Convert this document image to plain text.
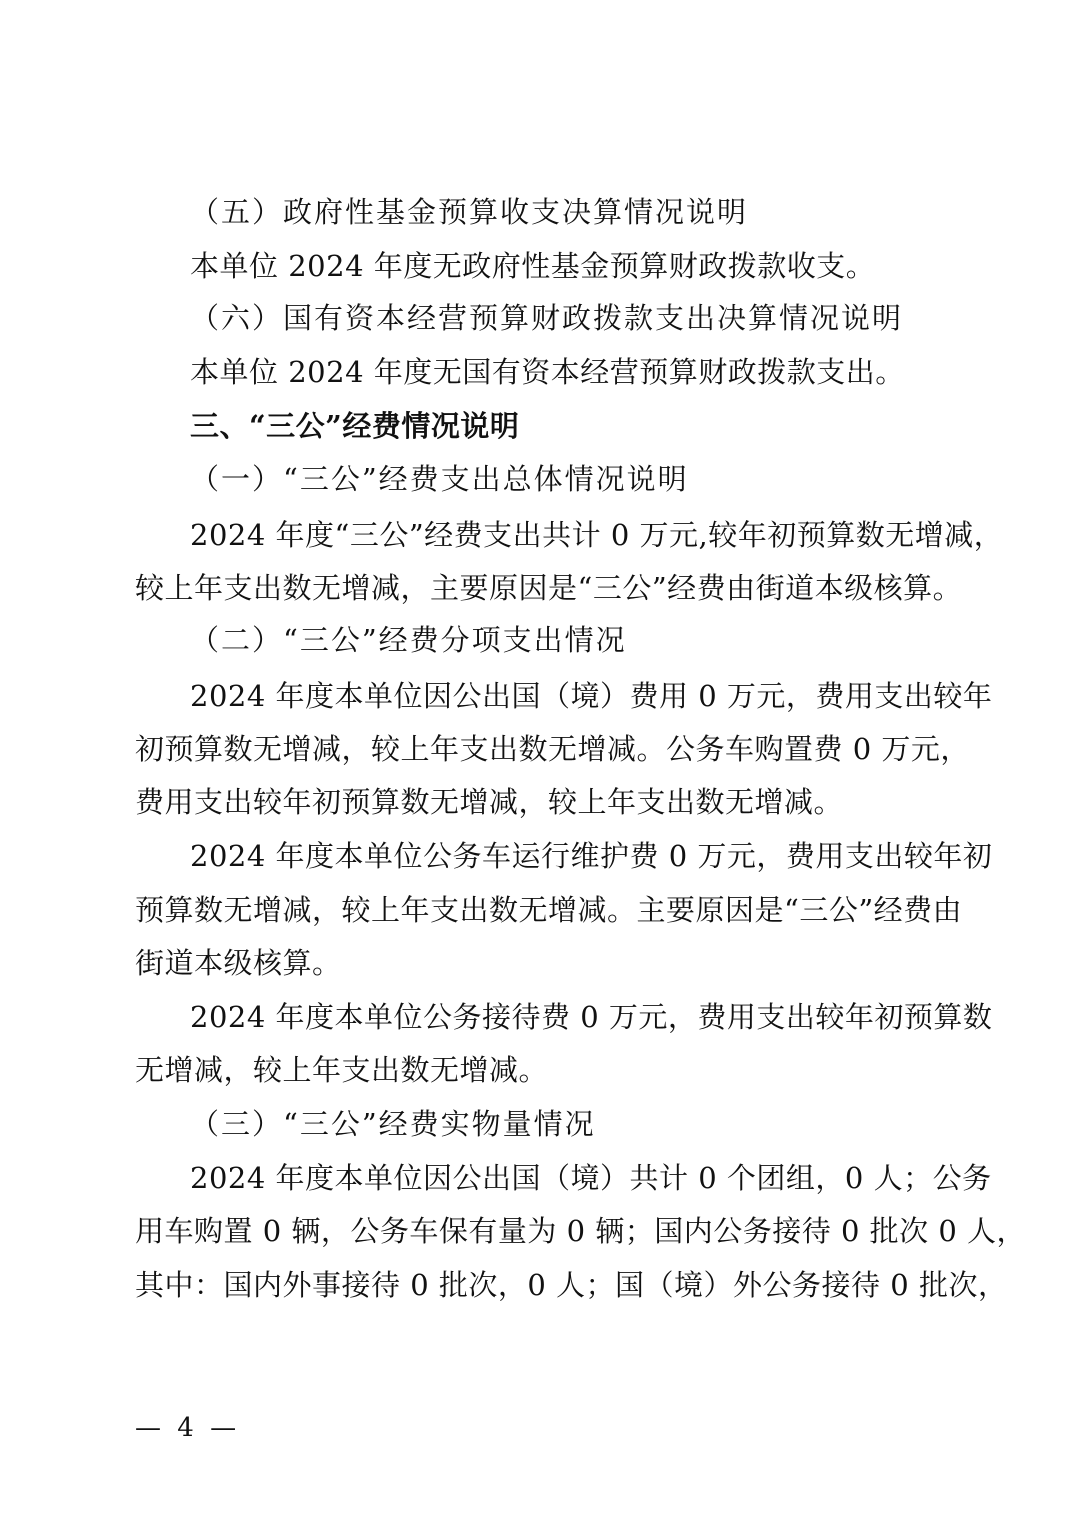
（五）政府性基金预算收支决算情况说明
本单位 2024 年度无政府性基金预算财政拨款收支。
（六）国有资本经营预算财政拨款支出决算情况说明
本单位 2024 年度无国有资本经营预算财政拨款支出。
三、“三公”经费情况说明
（一）“三公”经费支出总体情况说明
2024 年度“三公”经费支出共计 0 万元,较年初预算数无增减，
较上年支出数无增减，主要原因是“三公”经费由街道本级核算。
（二）“三公”经费分项支出情况
2024 年度本单位因公出国（境）费用 0 万元，费用支出较年
初预算数无增减，较上年支出数无增减。公务车购置费 0 万元，
费用支出较年初预算数无增减，较上年支出数无增减。
2024 年度本单位公务车运行维护费 0 万元，费用支出较年初
预算数无增减，较上年支出数无增减。主要原因是“三公”经费由
街道本级核算。
2024 年度本单位公务接待费 0 万元，费用支出较年初预算数
无增减，较上年支出数无增减。
（三）“三公”经费实物量情况
2024 年度本单位因公出国（境）共计 0 个团组，0 人；公务
用车购置 0 辆，公务车保有量为 0 辆；国内公务接待 0 批次 0 人，
其中：国内外事接待 0 批次，0 人；国（境）外公务接待 0 批次，
— 4 —
